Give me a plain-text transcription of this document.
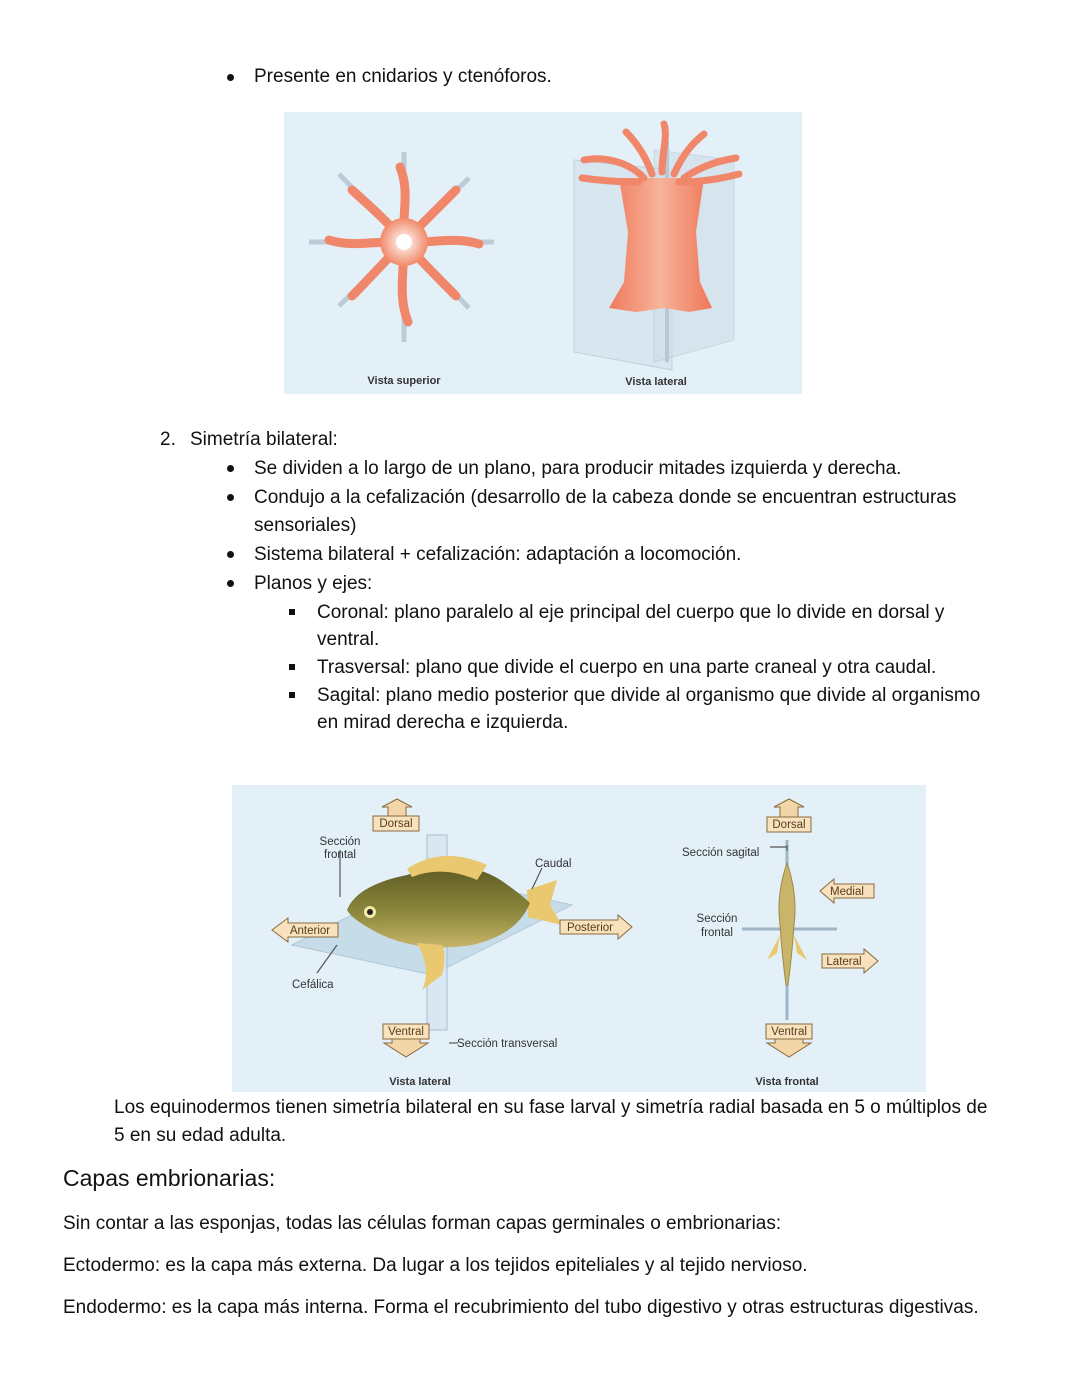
Presente en cnidarios y ctenóforos.
Vista superior	Vista lateral
2. Simetría bilateral:
Se dividen a lo largo de un plano, para producir mitades izquierda y derecha.
Condujo a la cefalización (desarrollo de la cabeza donde se encuentran estructuras
sensoriales)
Sistema bilateral + cefalización: adaptación a locomoción.
Planos y ejes:
Coronal: plano paralelo al eje principal del cuerpo que lo divide en dorsal y
ventral.
Trasversal: plano que divide el cuerpo en una parte craneal y otra caudal.
Sagital: plano medio posterior que divide al organismo que divide al organismo
en mirad derecha e izquierda.
Dorsal
Ventral
Anterior	Posterior
Sección
frontal
Caudal
Cefálica
Sección transversal
Vista lateral
Dorsal
Ventral
Medial
Lateral
Sección sagital
Sección
frontal
Vista frontal
Los equinodermos tienen simetría bilateral en su fase larval y simetría radial basada en 5 o múltiplos de
5 en su edad adulta.
Capas embrionarias:
Sin contar a las esponjas, todas las células forman capas germinales o embrionarias:
Ectodermo: es la capa más externa. Da lugar a los tejidos epiteliales y al tejido nervioso.
Endodermo: es la capa más interna. Forma el recubrimiento del tubo digestivo y otras estructuras digestivas.
